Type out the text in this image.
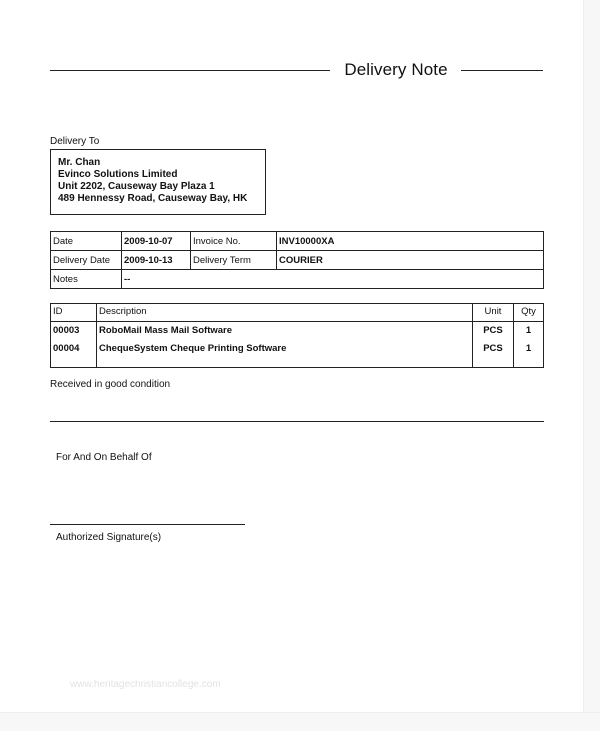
Delivery Note
Delivery To
Mr. Chan
Evinco Solutions Limited
Unit 2202, Causeway Bay Plaza 1
489 Hennessy Road, Causeway Bay, HK
Date	2009-10-07	Invoice No.	INV10000XA
Delivery Date	2009-10-13	Delivery Term	COURIER
Notes	--		
ID	Description	Unit	Qty
00003	RoboMail Mass Mail Software	PCS	1
00004	ChequeSystem Cheque Printing Software	PCS	1
Received in good condition
For And On Behalf Of
Authorized Signature(s)
www.heritagechristiancollege.com
